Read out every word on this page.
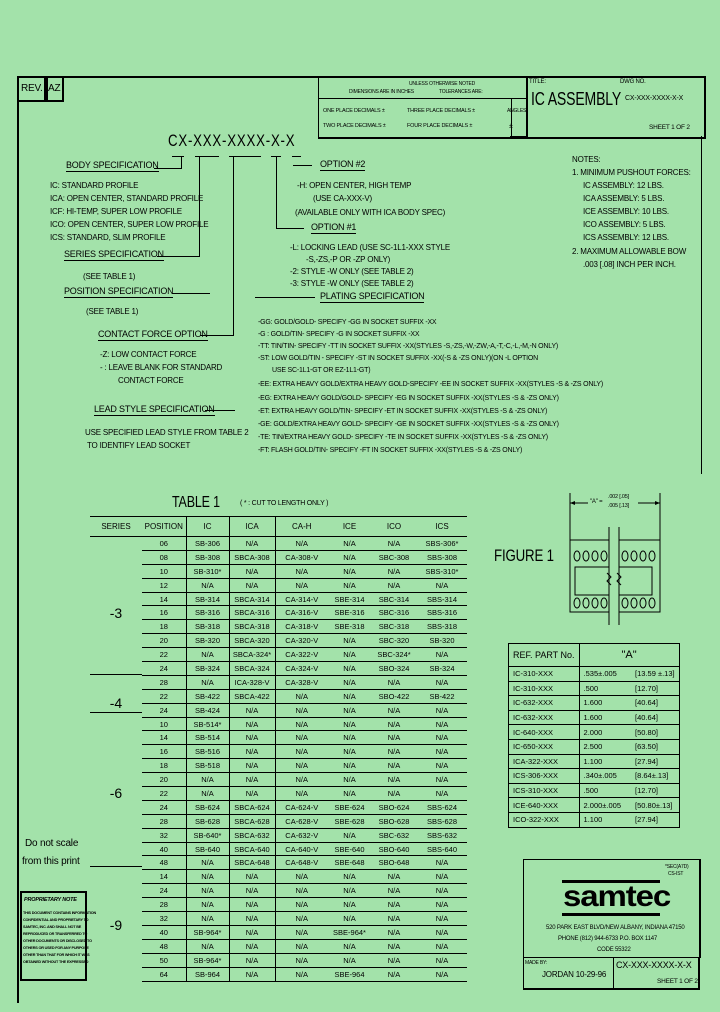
REV. AZ	UNLESS OTHERWISE NOTED
DIMENSIONS ARE IN INCHES	TOLERANCES ARE:
ONE PLACE DECIMALS ±
TWO PLACE DECIMALS ±
THREE PLACE DECIMALS ±
FOUR PLACE DECIMALS ±
ANGLES
±
TITLE:	DWG NO.
IC ASSEMBLY CX-XXX-XXXX-X-X
SHEET 1 OF 2
CX-XXX-XXXX-X-X
BODY SPECIFICATION
IC: STANDARD PROFILE
ICA: OPEN CENTER, STANDARD PROFILE
ICF: HI-TEMP, SUPER LOW PROFILE
ICO: OPEN CENTER, SUPER LOW PROFILE
ICS: STANDARD, SLIM PROFILE
SERIES SPECIFICATION
(SEE TABLE 1)
POSITION SPECIFICATION
(SEE TABLE 1)
CONTACT FORCE OPTION
-Z: LOW CONTACT FORCE
- : LEAVE BLANK FOR STANDARD
CONTACT FORCE
LEAD STYLE SPECIFICATION
USE SPECIFIED LEAD STYLE FROM TABLE 2
TO IDENTIFY LEAD SOCKET
OPTION #2
-H: OPEN CENTER, HIGH TEMP
(USE CA-XXX-V)
(AVAILABLE ONLY WITH ICA BODY SPEC)
OPTION #1
-L: LOCKING LEAD (USE SC-1L1-XXX STYLE
-S,-ZS,-P OR -ZP ONLY)
-2: STYLE -W ONLY (SEE TABLE 2)
-3: STYLE -W ONLY (SEE TABLE 2)
PLATING SPECIFICATION
-GG: GOLD/GOLD- SPECIFY -GG IN SOCKET SUFFIX -XX
-G : GOLD/TIN- SPECIFY -G IN SOCKET SUFFIX -XX
-TT: TIN/TIN- SPECIFY -TT IN SOCKET SUFFIX -XX(STYLES -S,-ZS,-W,-ZW,-A,-T,-C,-L,-M,-N ONLY)
-ST: LOW GOLD/TIN - SPECIFY -ST IN SOCKET SUFFIX -XX(-S & -ZS ONLY)(ON -L OPTION
USE SC-1L1-GT OR EZ-1L1-GT)
-EE: EXTRA HEAVY GOLD/EXTRA HEAVY GOLD-SPECIFY -EE IN SOCKET SUFFIX -XX(STYLES -S & -ZS ONLY)
-EG: EXTRA HEAVY GOLD/GOLD- SPECIFY -EG IN SOCKET SUFFIX -XX(STYLES -S & -ZS ONLY)
-ET: EXTRA HEAVY GOLD/TIN- SPECIFY -ET IN SOCKET SUFFIX -XX(STYLES -S & -ZS ONLY)
-GE: GOLD/EXTRA HEAVY GOLD- SPECIFY -GE IN SOCKET SUFFIX -XX(STYLES -S & -ZS ONLY)
-TE: TIN/EXTRA HEAVY GOLD- SPECIFY -TE IN SOCKET SUFFIX -XX(STYLES -S & -ZS ONLY)
-FT: FLASH GOLD/TIN- SPECIFY -FT IN SOCKET SUFFIX -XX(STYLES -S & -ZS ONLY)
NOTES:
1. MINIMUM PUSHOUT FORCES:
IC ASSEMBLY: 12 LBS.
ICA ASSEMBLY: 5 LBS.
ICE ASSEMBLY: 10 LBS.
ICO ASSEMBLY: 5 LBS.
ICS ASSEMBLY: 12 LBS.
2. MAXIMUM ALLOWABLE BOW
.003 [.08] INCH PER INCH.
TABLE 1	( * : CUT TO LENGTH ONLY )
SERIES	POSITION	IC	ICA	CA-H	ICE	ICO	ICS
-3	06	SB-306	N/A	N/A	N/A	N/A	SBS-306*
	08	SB-308	SBCA-308	CA-308-V	N/A	SBC-308	SBS-308
	10	SB-310*	N/A	N/A	N/A	N/A	SBS-310*
	12	N/A	N/A	N/A	N/A	N/A	N/A
	14	SB-314	SBCA-314	CA-314-V	SBE-314	SBC-314	SBS-314
	16	SB-316	SBCA-316	CA-316-V	SBE-316	SBC-316	SBS-316
	18	SB-318	SBCA-318	CA-318-V	SBE-318	SBC-318	SBS-318
	20	SB-320	SBCA-320	CA-320-V	N/A	SBC-320	SB-320
	22	N/A	SBCA-324*	CA-322-V	N/A	SBC-324*	N/A
	24	SB-324	SBCA-324	CA-324-V	N/A	SBO-324	SB-324
	28	N/A	ICA-328-V	CA-328-V	N/A	N/A	N/A
-4	22	SB-422	SBCA-422	N/A	N/A	SBO-422	SB-422
	24	SB-424	N/A	N/A	N/A	N/A	N/A
-6	10	SB-514*	N/A	N/A	N/A	N/A	N/A
	14	SB-514	N/A	N/A	N/A	N/A	N/A
	16	SB-516	N/A	N/A	N/A	N/A	N/A
	18	SB-518	N/A	N/A	N/A	N/A	N/A
	20	N/A	N/A	N/A	N/A	N/A	N/A
	22	N/A	N/A	N/A	N/A	N/A	N/A
	24	SB-624	SBCA-624	CA-624-V	SBE-624	SBO-624	SBS-624
	28	SB-628	SBCA-628	CA-628-V	SBE-628	SBO-628	SBS-628
	32	SB-640*	SBCA-632	CA-632-V	N/A	SBC-632	SBS-632
	40	SB-640	SBCA-640	CA-640-V	SBE-640	SBO-640	SBS-640
	48	N/A	SBCA-648	CA-648-V	SBE-648	SBO-648	N/A
-9	14	N/A	N/A	N/A	N/A	N/A	N/A
	24	N/A	N/A	N/A	N/A	N/A	N/A
	28	N/A	N/A	N/A	N/A	N/A	N/A
	32	N/A	N/A	N/A	N/A	N/A	N/A
	40	SB-964*	N/A	N/A	SBE-964*	N/A	N/A
	48	N/A	N/A	N/A	N/A	N/A	N/A
	50	SB-964*	N/A	N/A	N/A	N/A	N/A
	64	SB-964	N/A	N/A	SBE-964	N/A	N/A
Do not scale
from this print
PROPRIETARY NOTE
THIS DOCUMENT CONTAINS INFORMATION
CONFIDENTIAL AND PROPRIETARY TO
SAMTEC, INC. AND SHALL NOT BE
REPRODUCED OR TRANSFERRED TO
OTHER DOCUMENTS OR DISCLOSED TO
OTHERS OR USED FOR ANY PURPOSE
OTHER THAN THAT FOR WHICH IT WAS
OBTAINED WITHOUT THE EXPRESSED
FIGURE 1
"A" =
.002 [.05]
.005 [.13]
REF. PART No.	"A"	
IC-310-XXX	.535±.005	[13.59 ±.13]
IC-310-XXX	.500	[12.70]
IC-632-XXX	1.600	[40.64]
IC-632-XXX	1.600	[40.64]
IC-640-XXX	2.000	[50.80]
IC-650-XXX	2.500	[63.50]
ICA-322-XXX	1.100	[27.94]
ICS-306-XXX	.340±.005	[8.64±.13]
ICS-310-XXX	.500	[12.70]
ICE-640-XXX	2.000±.005	[50.80±.13]
ICO-322-XXX	1.100	[27.94]
*SEC(A7D)
CS-IST
samtec
520 PARK EAST BLVD/NEW ALBANY, INDIANA 47150
PHONE (812) 944-6733 P.O. BOX 1147
CODE 55322
MADE BY:
JORDAN 10-29-96
CX-XXX-XXXX-X-X
SHEET 1 OF 2
